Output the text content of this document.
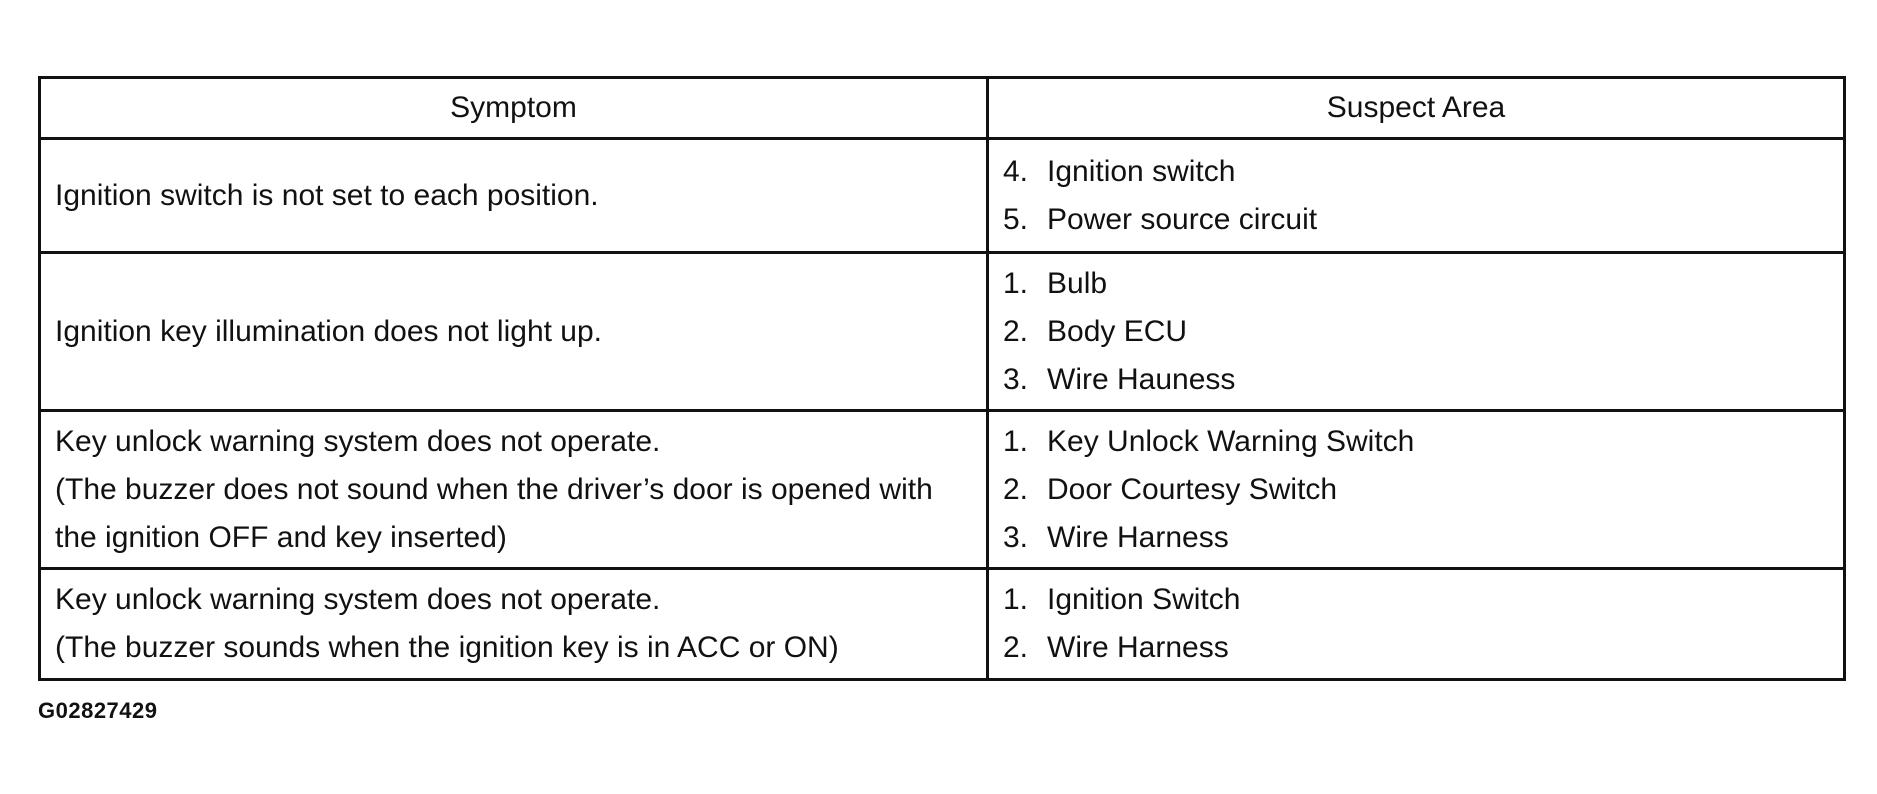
Symptom	Suspect Area

Ignition switch is not set to each position.	4. Ignition switch
5. Power source circuit

Ignition key illumination does not light up.	1. Bulb
2. Body ECU
3. Wire Hauness

Key unlock warning system does not operate.
(The buzzer does not sound when the driver’s door is opened with
the ignition OFF and key inserted)	1. Key Unlock Warning Switch
2. Door Courtesy Switch
3. Wire Harness

Key unlock warning system does not operate.
(The buzzer sounds when the ignition key is in ACC or ON)	1. Ignition Switch
2. Wire Harness
G02827429
